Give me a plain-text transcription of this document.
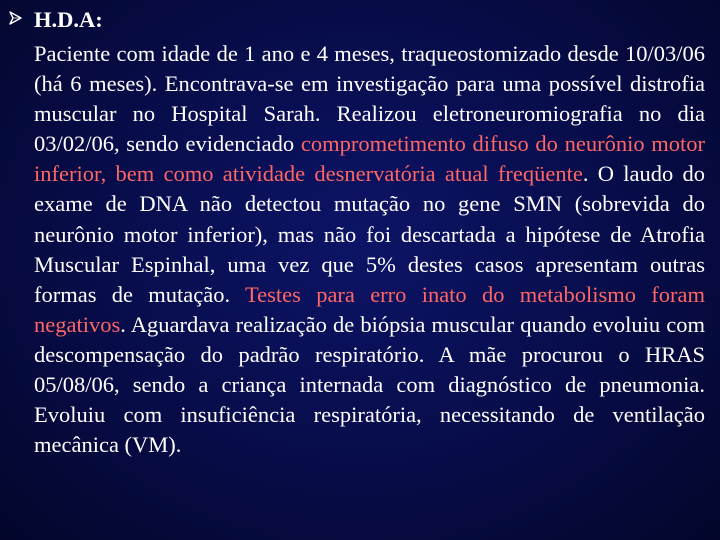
H.D.A:

Paciente com idade de 1 ano e 4 meses, traqueostomizado desde 10/03/06 (há 6 meses). Encontrava-se em investigação para uma possível distrofia muscular no Hospital Sarah. Realizou eletroneuromiografia no dia 03/02/06, sendo evidenciado comprometimento difuso do neurônio motor inferior, bem como atividade desnervatória atual freqüente. O laudo do exame de DNA não detectou mutação no gene SMN (sobrevida do neurônio motor inferior), mas não foi descartada a hipótese de Atrofia Muscular Espinhal, uma vez que 5% destes casos apresentam outras formas de mutação. Testes para erro inato do metabolismo foram negativos. Aguardava realização de biópsia muscular quando evoluiu com descompensação do padrão respiratório. A mãe procurou o HRAS 05/08/06, sendo a criança internada com diagnóstico de pneumonia. Evoluiu com insuficiência respiratória, necessitando de ventilação mecânica (VM).
